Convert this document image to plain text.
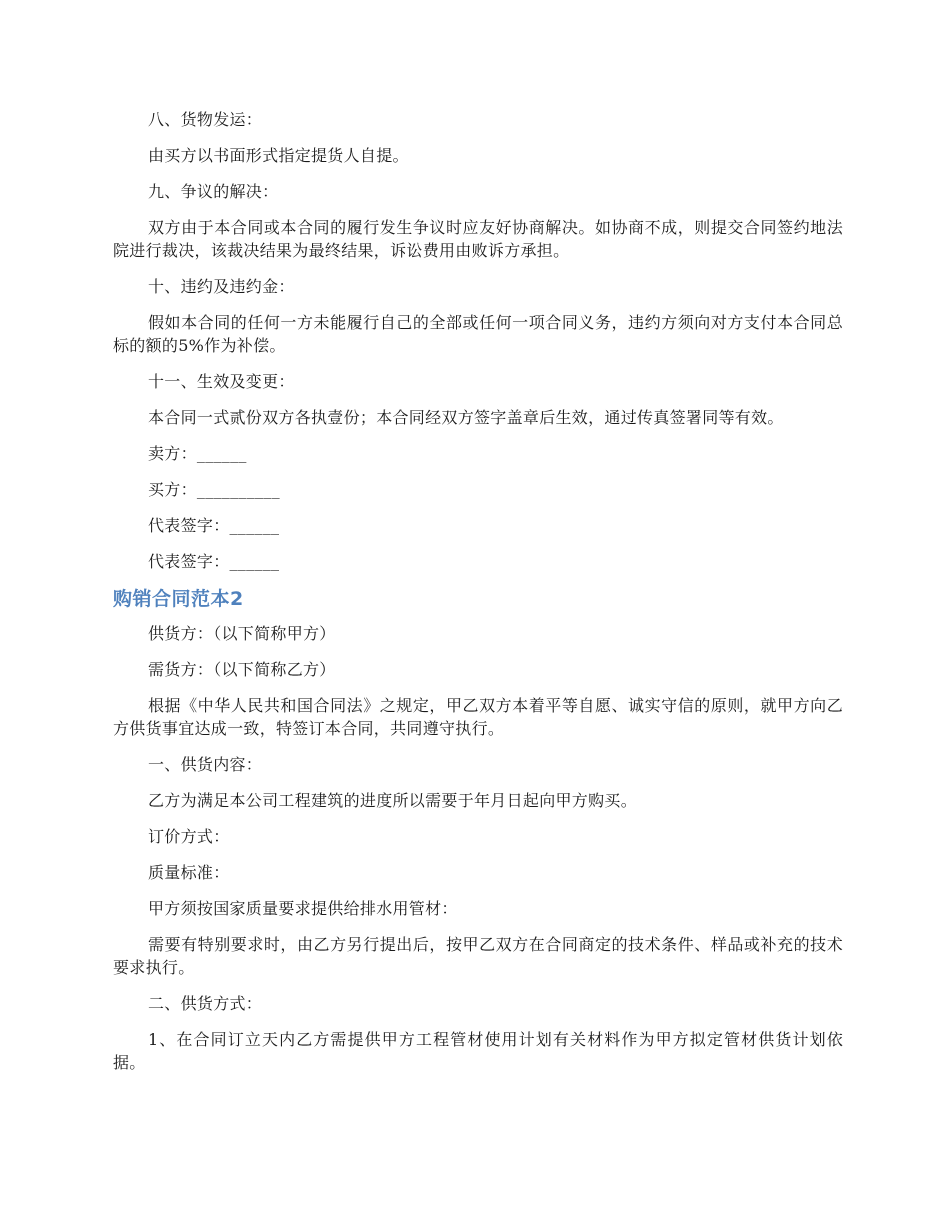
八、货物发运：

由买方以书面形式指定提货人自提。

九、争议的解决：

双方由于本合同或本合同的履行发生争议时应友好协商解决。如协商不成，则提交合同签约地法院进行裁决，该裁决结果为最终结果，诉讼费用由败诉方承担。

十、违约及违约金：

假如本合同的任何一方未能履行自己的全部或任何一项合同义务，违约方须向对方支付本合同总标的额的5%作为补偿。

十一、生效及变更：

本合同一式贰份双方各执壹份；本合同经双方签字盖章后生效，通过传真签署同等有效。

卖方：______

买方：__________

代表签字：______

代表签字：______

购销合同范本2

供货方：（以下简称甲方）

需货方：（以下简称乙方）

根据《中华人民共和国合同法》之规定，甲乙双方本着平等自愿、诚实守信的原则，就甲方向乙方供货事宜达成一致，特签订本合同，共同遵守执行。

一、供货内容：

乙方为满足本公司工程建筑的进度所以需要于年月日起向甲方购买。

订价方式：

质量标准：

甲方须按国家质量要求提供给排水用管材：

需要有特别要求时，由乙方另行提出后，按甲乙双方在合同商定的技术条件、样品或补充的技术要求执行。

二、供货方式：

1、在合同订立天内乙方需提供甲方工程管材使用计划有关材料作为甲方拟定管材供货计划依据。
